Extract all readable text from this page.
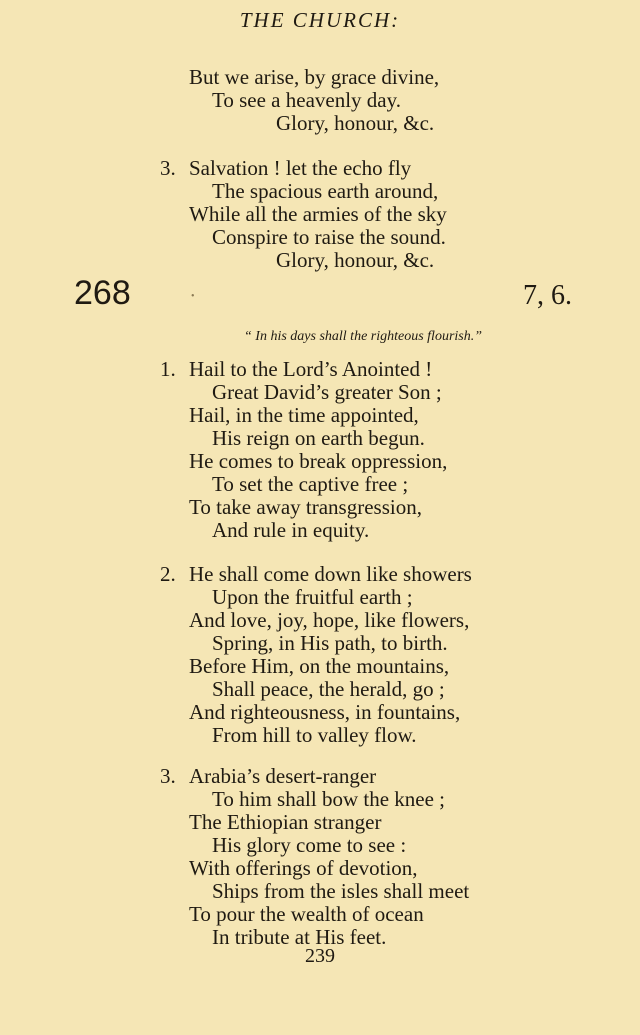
THE CHURCH:
But we arise, by grace divine,
To see a heavenly day.
Glory, honour, &c.
3. Salvation ! let the echo fly
The spacious earth around,
While all the armies of the sky
Conspire to raise the sound.
Glory, honour, &c.
268	•	7, 6.
“ In his days shall the righteous flourish.”
1. Hail to the Lord’s Anointed !
Great David’s greater Son ;
Hail, in the time appointed,
His reign on earth begun.
He comes to break oppression,
To set the captive free ;
To take away transgression,
And rule in equity.
2. He shall come down like showers
Upon the fruitful earth ;
And love, joy, hope, like flowers,
Spring, in His path, to birth.
Before Him, on the mountains,
Shall peace, the herald, go ;
And righteousness, in fountains,
From hill to valley flow.
3. Arabia’s desert-ranger
To him shall bow the knee ;
The Ethiopian stranger
His glory come to see :
With offerings of devotion,
Ships from the isles shall meet
To pour the wealth of ocean
In tribute at His feet.
239
